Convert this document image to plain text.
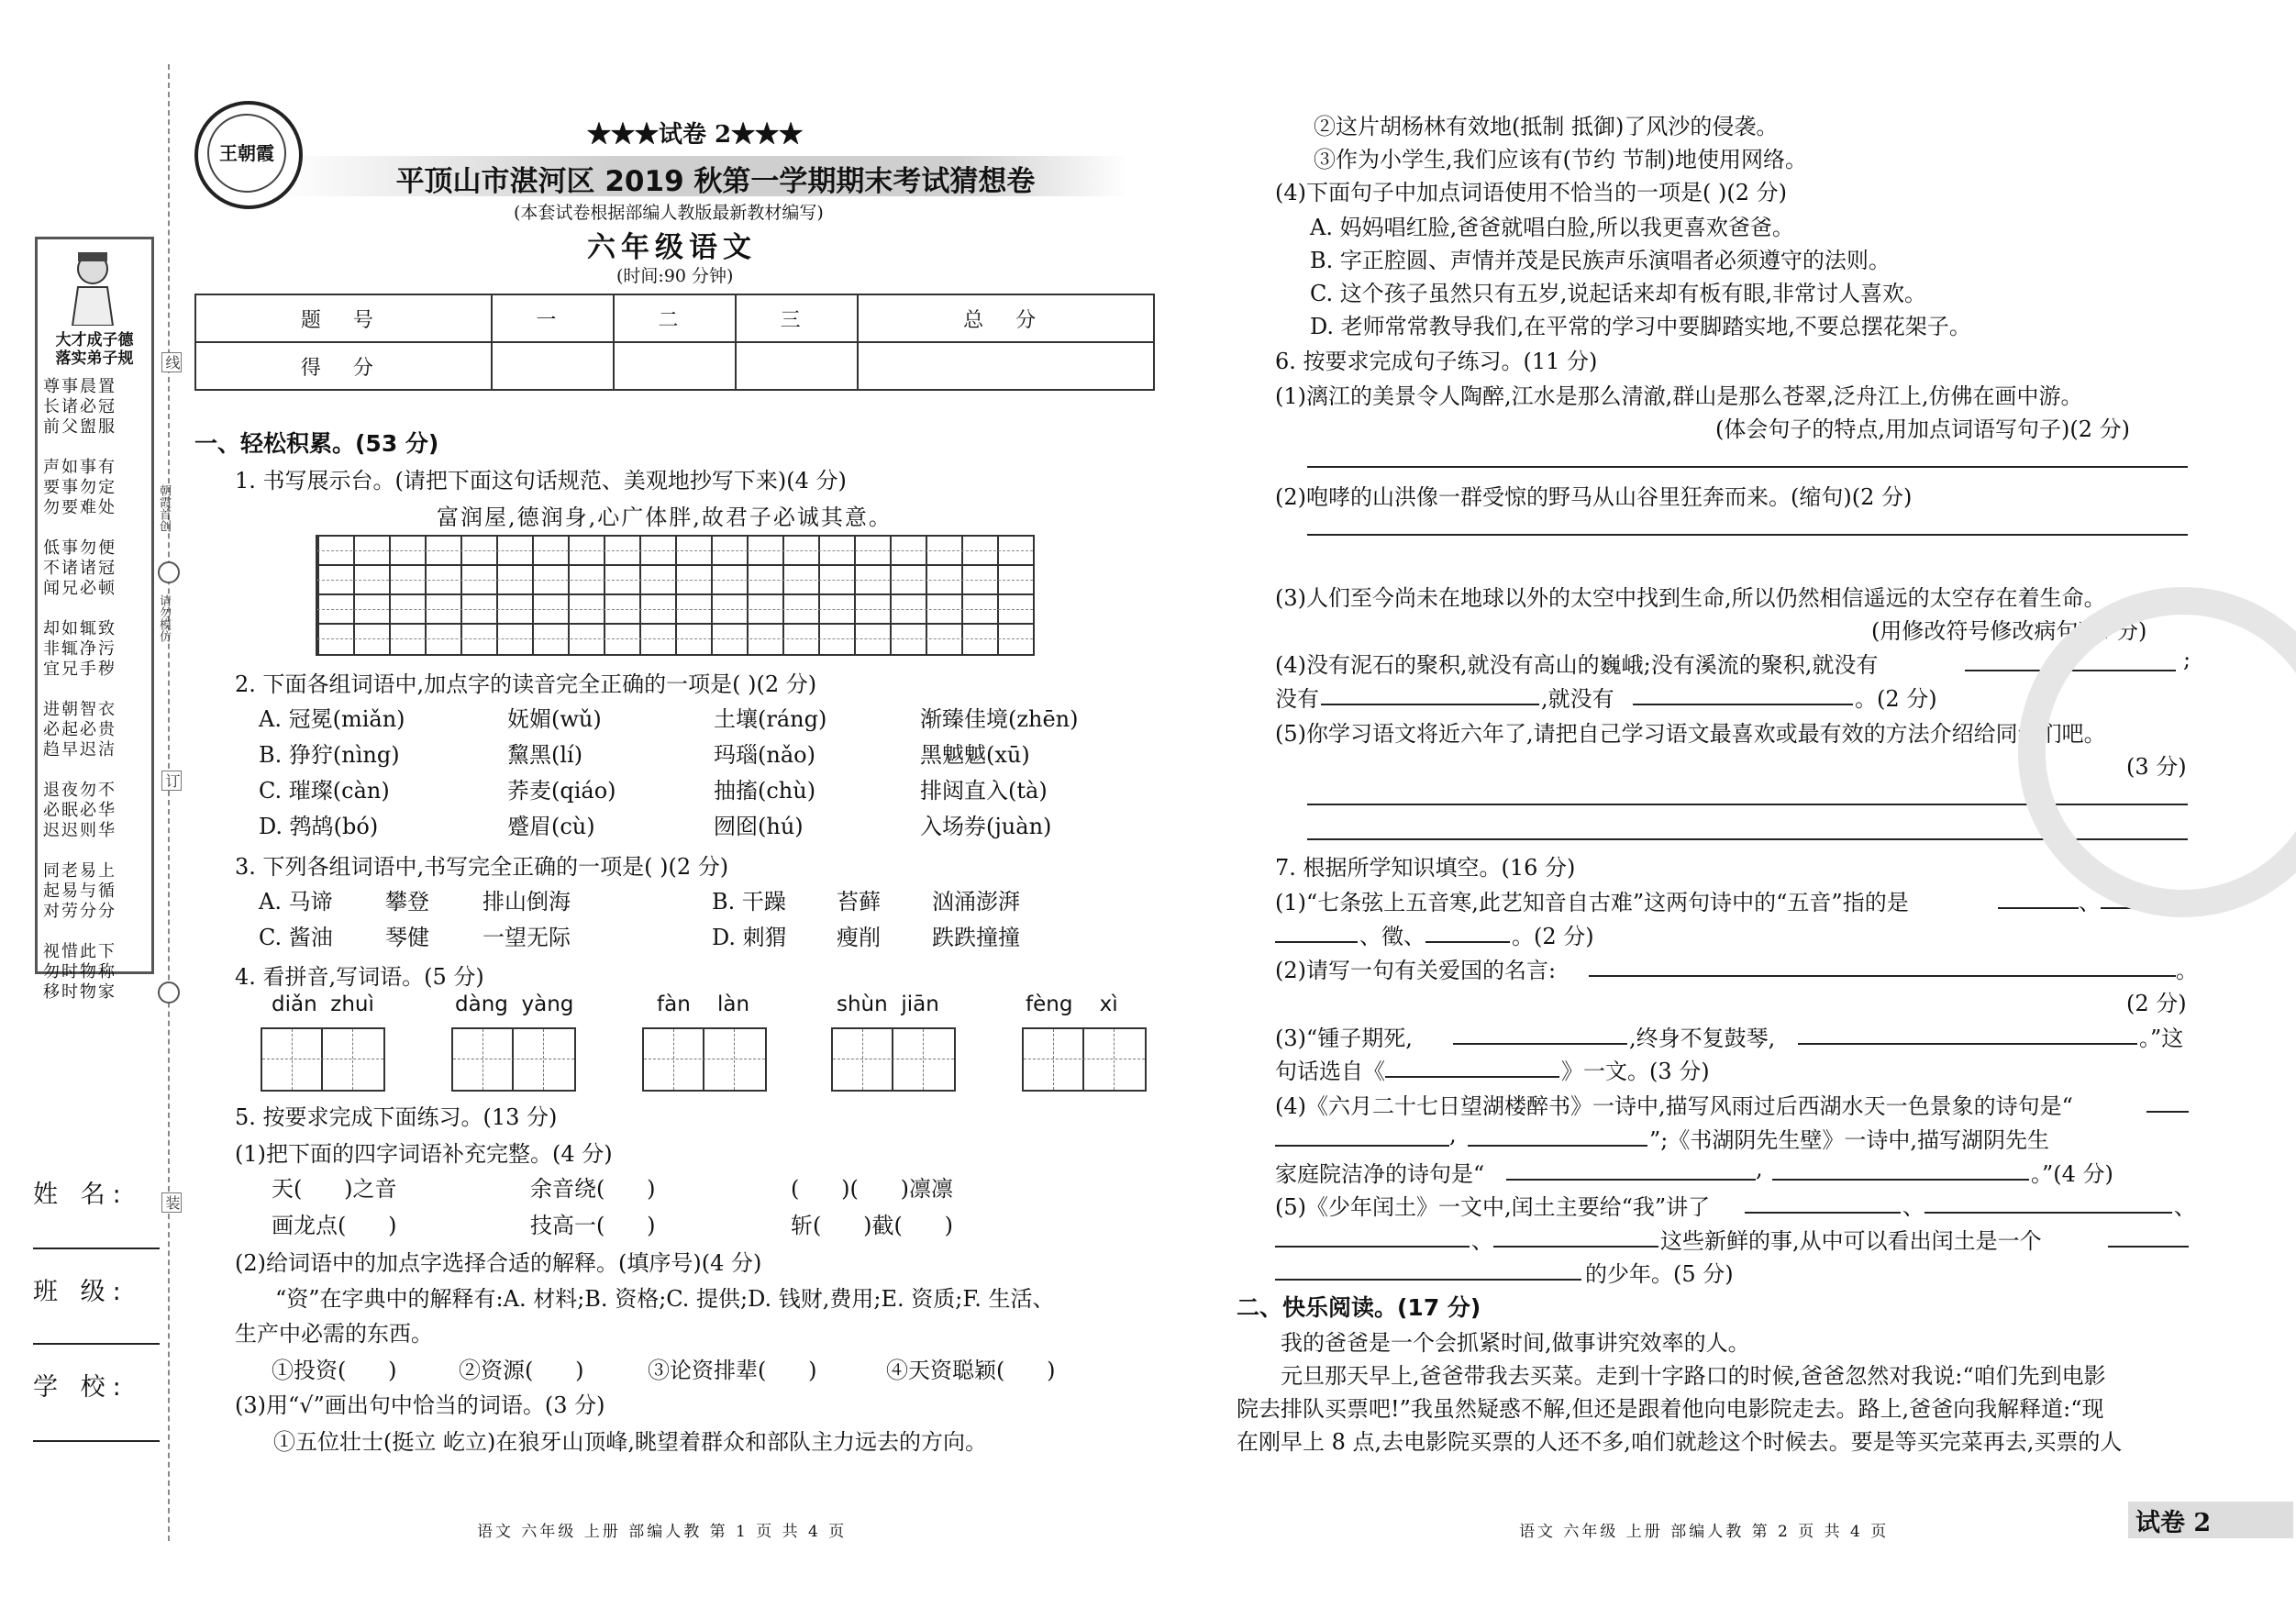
大才成子德
落实弟子规
尊事晨置
长诸必冠
前父盥服

声如事有
要事勿定
勿要难处

低事勿便
不诸诸冠
闻兄必顿

却如辄致
非辄净污
宜兄手秽

进朝智衣
必起必贵
趋早迟洁

退夜勿不
必眠必华
迟迟则华

同老易上
起易与循
对劳分分

视惜此下
勿时物称
移时物家
线
朝霞首创
请勿模仿
订
装
姓 名:
班 级:
学 校:
王朝霞
★★★试卷 2★★★
平顶山市湛河区 2019 秋第一学期期末考试猜想卷
(本套试卷根据部编人教版最新教材编写)
六年级语文
(时间:90 分钟)
题 号	一	二	三	总 分
得 分				
一、轻松积累。(53 分)
1. 书写展示台。(请把下面这句话规范、美观地抄写下来)(4 分)
富润屋,德润身,心广体胖,故君子必诚其意。
2. 下面各组词语中,加点字的读音完全正确的一项是( )(2 分)
A. 冠冕(miǎn)	妩媚(wǔ)	土壤(ráng)	渐臻佳境(zhēn)
B. 狰狞(nìng)	黧黑(lí)	玛瑙(nǎo)	黑魆魆(xū)
C. 璀璨(càn)	荞麦(qiáo)	抽搐(chù)	排闼直入(tà)
D. 鹁鸪(bó)	蹙眉(cù)	囫囵(hú)	入场券(juàn)
3. 下列各组词语中,书写完全正确的一项是( )(2 分)
A. 马谛 攀登 排山倒海	B. 干躁 苔藓 汹涌澎湃
C. 酱油 琴健 一望无际	D. 刺猬 瘦削 跌跌撞撞
4. 看拼音,写词语。(5 分)
diǎn  zhuì	dàng  yàng	fàn    làn	shùn  jiān	fèng    xì
5. 按要求完成下面练习。(13 分)
(1)把下面的四字词语补充完整。(4 分)
天(      )之音	余音绕(      )	(      )(      )凛凛
画龙点(      )	技高一(      )	斩(      )截(      )
(2)给词语中的加点字选择合适的解释。(填序号)(4 分)
“资”在字典中的解释有:A. 材料;B. 资格;C. 提供;D. 钱财,费用;E. 资质;F. 生活、
生产中必需的东西。
①投资(      )	②资源(      )	③论资排辈(      )	④天资聪颖(      )
(3)用“√”画出句中恰当的词语。(3 分)
①五位壮士(挺立 屹立)在狼牙山顶峰,眺望着群众和部队主力远去的方向。
②这片胡杨林有效地(抵制 抵御)了风沙的侵袭。
③作为小学生,我们应该有(节约 节制)地使用网络。
(4)下面句子中加点词语使用不恰当的一项是( )(2 分)
A. 妈妈唱红脸,爸爸就唱白脸,所以我更喜欢爸爸。
B. 字正腔圆、声情并茂是民族声乐演唱者必须遵守的法则。
C. 这个孩子虽然只有五岁,说起话来却有板有眼,非常讨人喜欢。
D. 老师常常教导我们,在平常的学习中要脚踏实地,不要总摆花架子。
6. 按要求完成句子练习。(11 分)
(1)漓江的美景令人陶醉,江水是那么清澈,群山是那么苍翠,泛舟江上,仿佛在画中游。
(体会句子的特点,用加点词语写句子)(2 分)
(2)咆哮的山洪像一群受惊的野马从山谷里狂奔而来。(缩句)(2 分)
(3)人们至今尚未在地球以外的太空中找到生命,所以仍然相信遥远的太空存在着生命。
(用修改符号修改病句)(2 分)
(4)没有泥石的聚积,就没有高山的巍峨;没有溪流的聚积,就没有	;
没有	,就没有	。(2 分)
(5)你学习语文将近六年了,请把自己学习语文最喜欢或最有效的方法介绍给同学们吧。
(3 分)
7. 根据所学知识填空。(16 分)
(1)“七条弦上五音寒,此艺知音自古难”这两句诗中的“五音”指的是	、
、徵、	。(2 分)
(2)请写一句有关爱国的名言:	。
(2 分)
(3)“锺子期死,	,终身不复鼓琴,	。”这
句话选自《	》一文。(3 分)
(4)《六月二十七日望湖楼醉书》一诗中,描写风雨过后西湖水天一色景象的诗句是“
,	”;《书湖阴先生壁》一诗中,描写湖阴先生
家庭院洁净的诗句是“	,	。”(4 分)
(5)《少年闰土》一文中,闰土主要给“我”讲了	、	、
、	这些新鲜的事,从中可以看出闰土是一个
的少年。(5 分)
二、快乐阅读。(17 分)
我的爸爸是一个会抓紧时间,做事讲究效率的人。
元旦那天早上,爸爸带我去买菜。走到十字路口的时候,爸爸忽然对我说:“咱们先到电影
院去排队买票吧!”我虽然疑惑不解,但还是跟着他向电影院走去。路上,爸爸向我解释道:“现
在刚早上 8 点,去电影院买票的人还不多,咱们就趁这个时候去。要是等买完菜再去,买票的人
语文 六年级 上册 部编人教 第 1 页 共 4 页	语文 六年级 上册 部编人教 第 2 页 共 4 页	试卷 2
